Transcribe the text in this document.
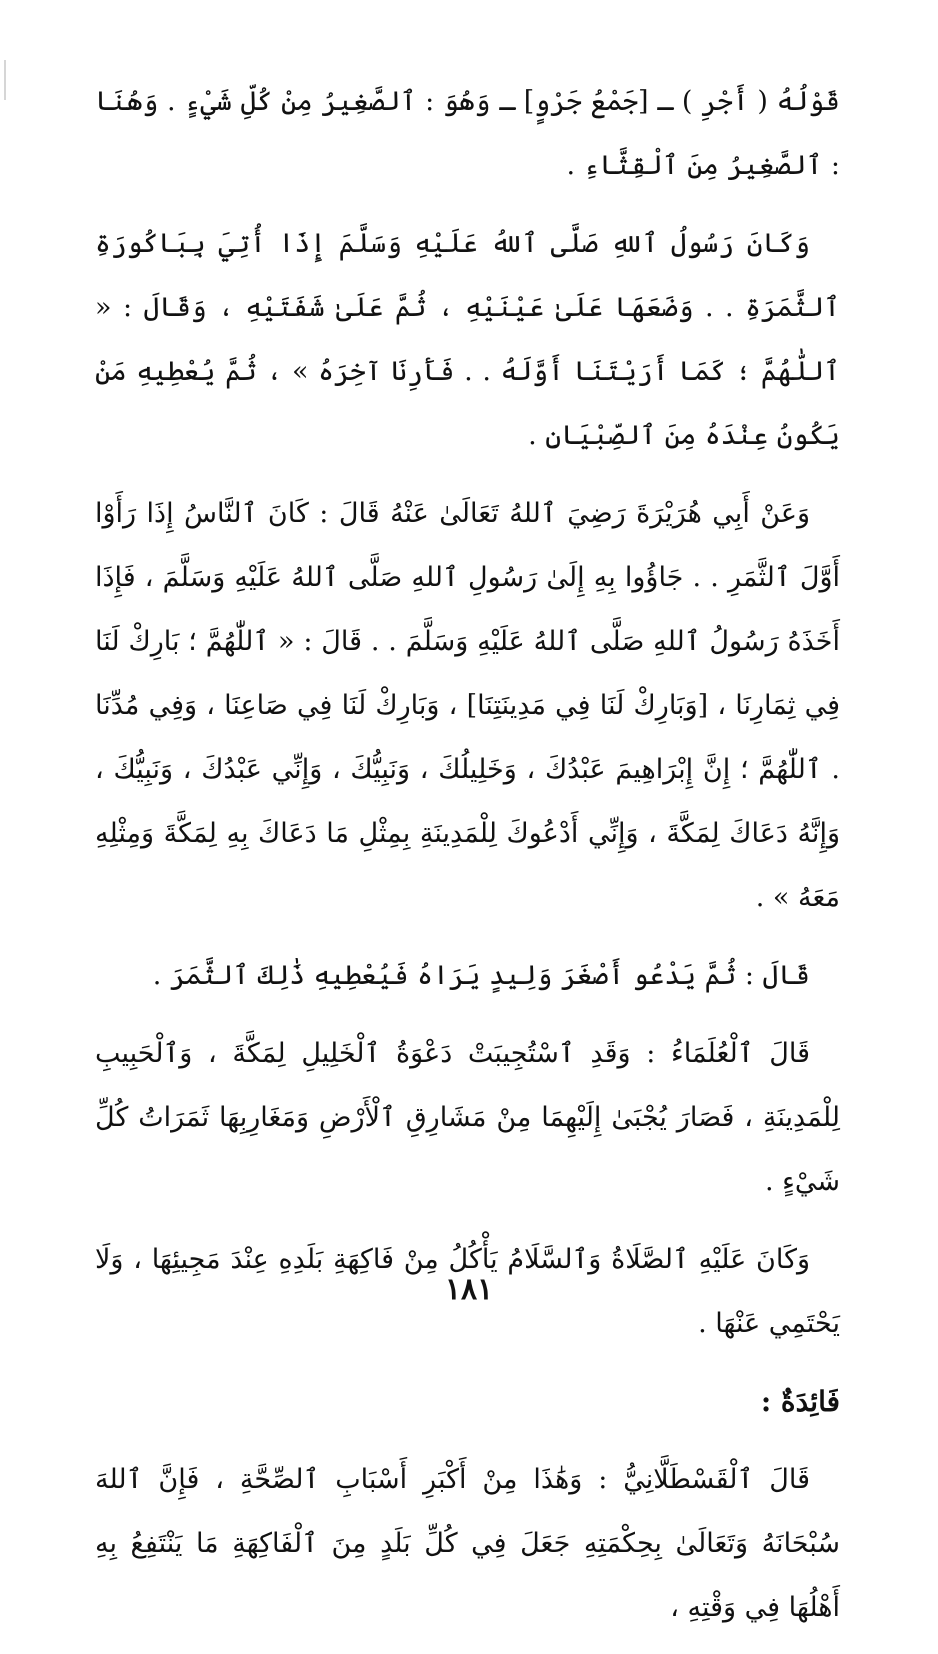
قَوْلُهُ ( أَجْرِ ) ـ [جَمْعُ جَرْوٍ] ـ وَهُوَ : ٱلصَّغِيرُ مِنْ كُلِّ شَيْءٍ . وَهُنَا : ٱلصَّغِيرُ مِنَ ٱلْقِثَّاءِ .

وَكَانَ رَسُولُ ٱللهِ صَلَّى ٱللهُ عَلَيْهِ وَسَلَّمَ إِذَا أُتِيَ بِبَاكُورَةِ ٱلثَّمَرَةِ . . وَضَعَهَا عَلَىٰ عَيْنَيْهِ ، ثُمَّ عَلَىٰ شَفَتَيْهِ ، وَقَالَ : « ٱللّٰهُمَّ ؛ كَمَا أَرَيْتَنَا أَوَّلَهُ . . فَأَرِنَا آخِرَهُ » ، ثُمَّ يُعْطِيهِ مَنْ يَكُونُ عِنْدَهُ مِنَ ٱلصِّبْيَانِ .

وَعَنْ أَبِي هُرَيْرَةَ رَضِيَ ٱللهُ تَعَالَىٰ عَنْهُ قَالَ : كَانَ ٱلنَّاسُ إِذَا رَأَوْا أَوَّلَ ٱلثَّمَرِ . . جَاؤُوا بِهِ إِلَىٰ رَسُولِ ٱللهِ صَلَّى ٱللهُ عَلَيْهِ وَسَلَّمَ ، فَإِذَا أَخَذَهُ رَسُولُ ٱللهِ صَلَّى ٱللهُ عَلَيْهِ وَسَلَّمَ . . قَالَ : « ٱللّٰهُمَّ ؛ بَارِكْ لَنَا فِي ثِمَارِنَا ، [وَبَارِكْ لَنَا فِي مَدِينَتِنَا] ، وَبَارِكْ لَنَا فِي صَاعِنَا ، وَفِي مُدِّنَا . ٱللّٰهُمَّ ؛ إِنَّ إِبْرَاهِيمَ عَبْدُكَ ، وَخَلِيلُكَ ، وَنَبِيُّكَ ، وَإِنِّي عَبْدُكَ ، وَنَبِيُّكَ ، وَإِنَّهُ دَعَاكَ لِمَكَّةَ ، وَإِنِّي أَدْعُوكَ لِلْمَدِينَةِ بِمِثْلِ مَا دَعَاكَ بِهِ لِمَكَّةَ وَمِثْلِهِ مَعَهُ » .

قَالَ : ثُمَّ يَدْعُو أَصْغَرَ وَلِيدٍ يَرَاهُ فَيُعْطِيهِ ذَٰلِكَ ٱلثَّمَرَ .

قَالَ ٱلْعُلَمَاءُ : وَقَدِ ٱسْتُجِيبَتْ دَعْوَةُ ٱلْخَلِيلِ لِمَكَّةَ ، وَٱلْحَبِيبِ لِلْمَدِينَةِ ، فَصَارَ يُجْبَىٰ إِلَيْهِمَا مِنْ مَشَارِقِ ٱلْأَرْضِ وَمَغَارِبِهَا ثَمَرَاتُ كُلِّ شَيْءٍ .

وَكَانَ عَلَيْهِ ٱلصَّلَاةُ وَٱلسَّلَامُ يَأْكُلُ مِنْ فَاكِهَةِ بَلَدِهِ عِنْدَ مَجِيئِهَا ، وَلَا يَحْتَمِي عَنْهَا .

فَائِدَةٌ :

قَالَ ٱلْقَسْطَلَّانِيُّ : وَهَٰذَا مِنْ أَكْبَرِ أَسْبَابِ ٱلصِّحَّةِ ، فَإِنَّ ٱللهَ سُبْحَانَهُ وَتَعَالَىٰ بِحِكْمَتِهِ جَعَلَ فِي كُلِّ بَلَدٍ مِنَ ٱلْفَاكِهَةِ مَا يَنْتَفِعُ بِهِ أَهْلُهَا فِي وَقْتِهِ ،

١٨١
